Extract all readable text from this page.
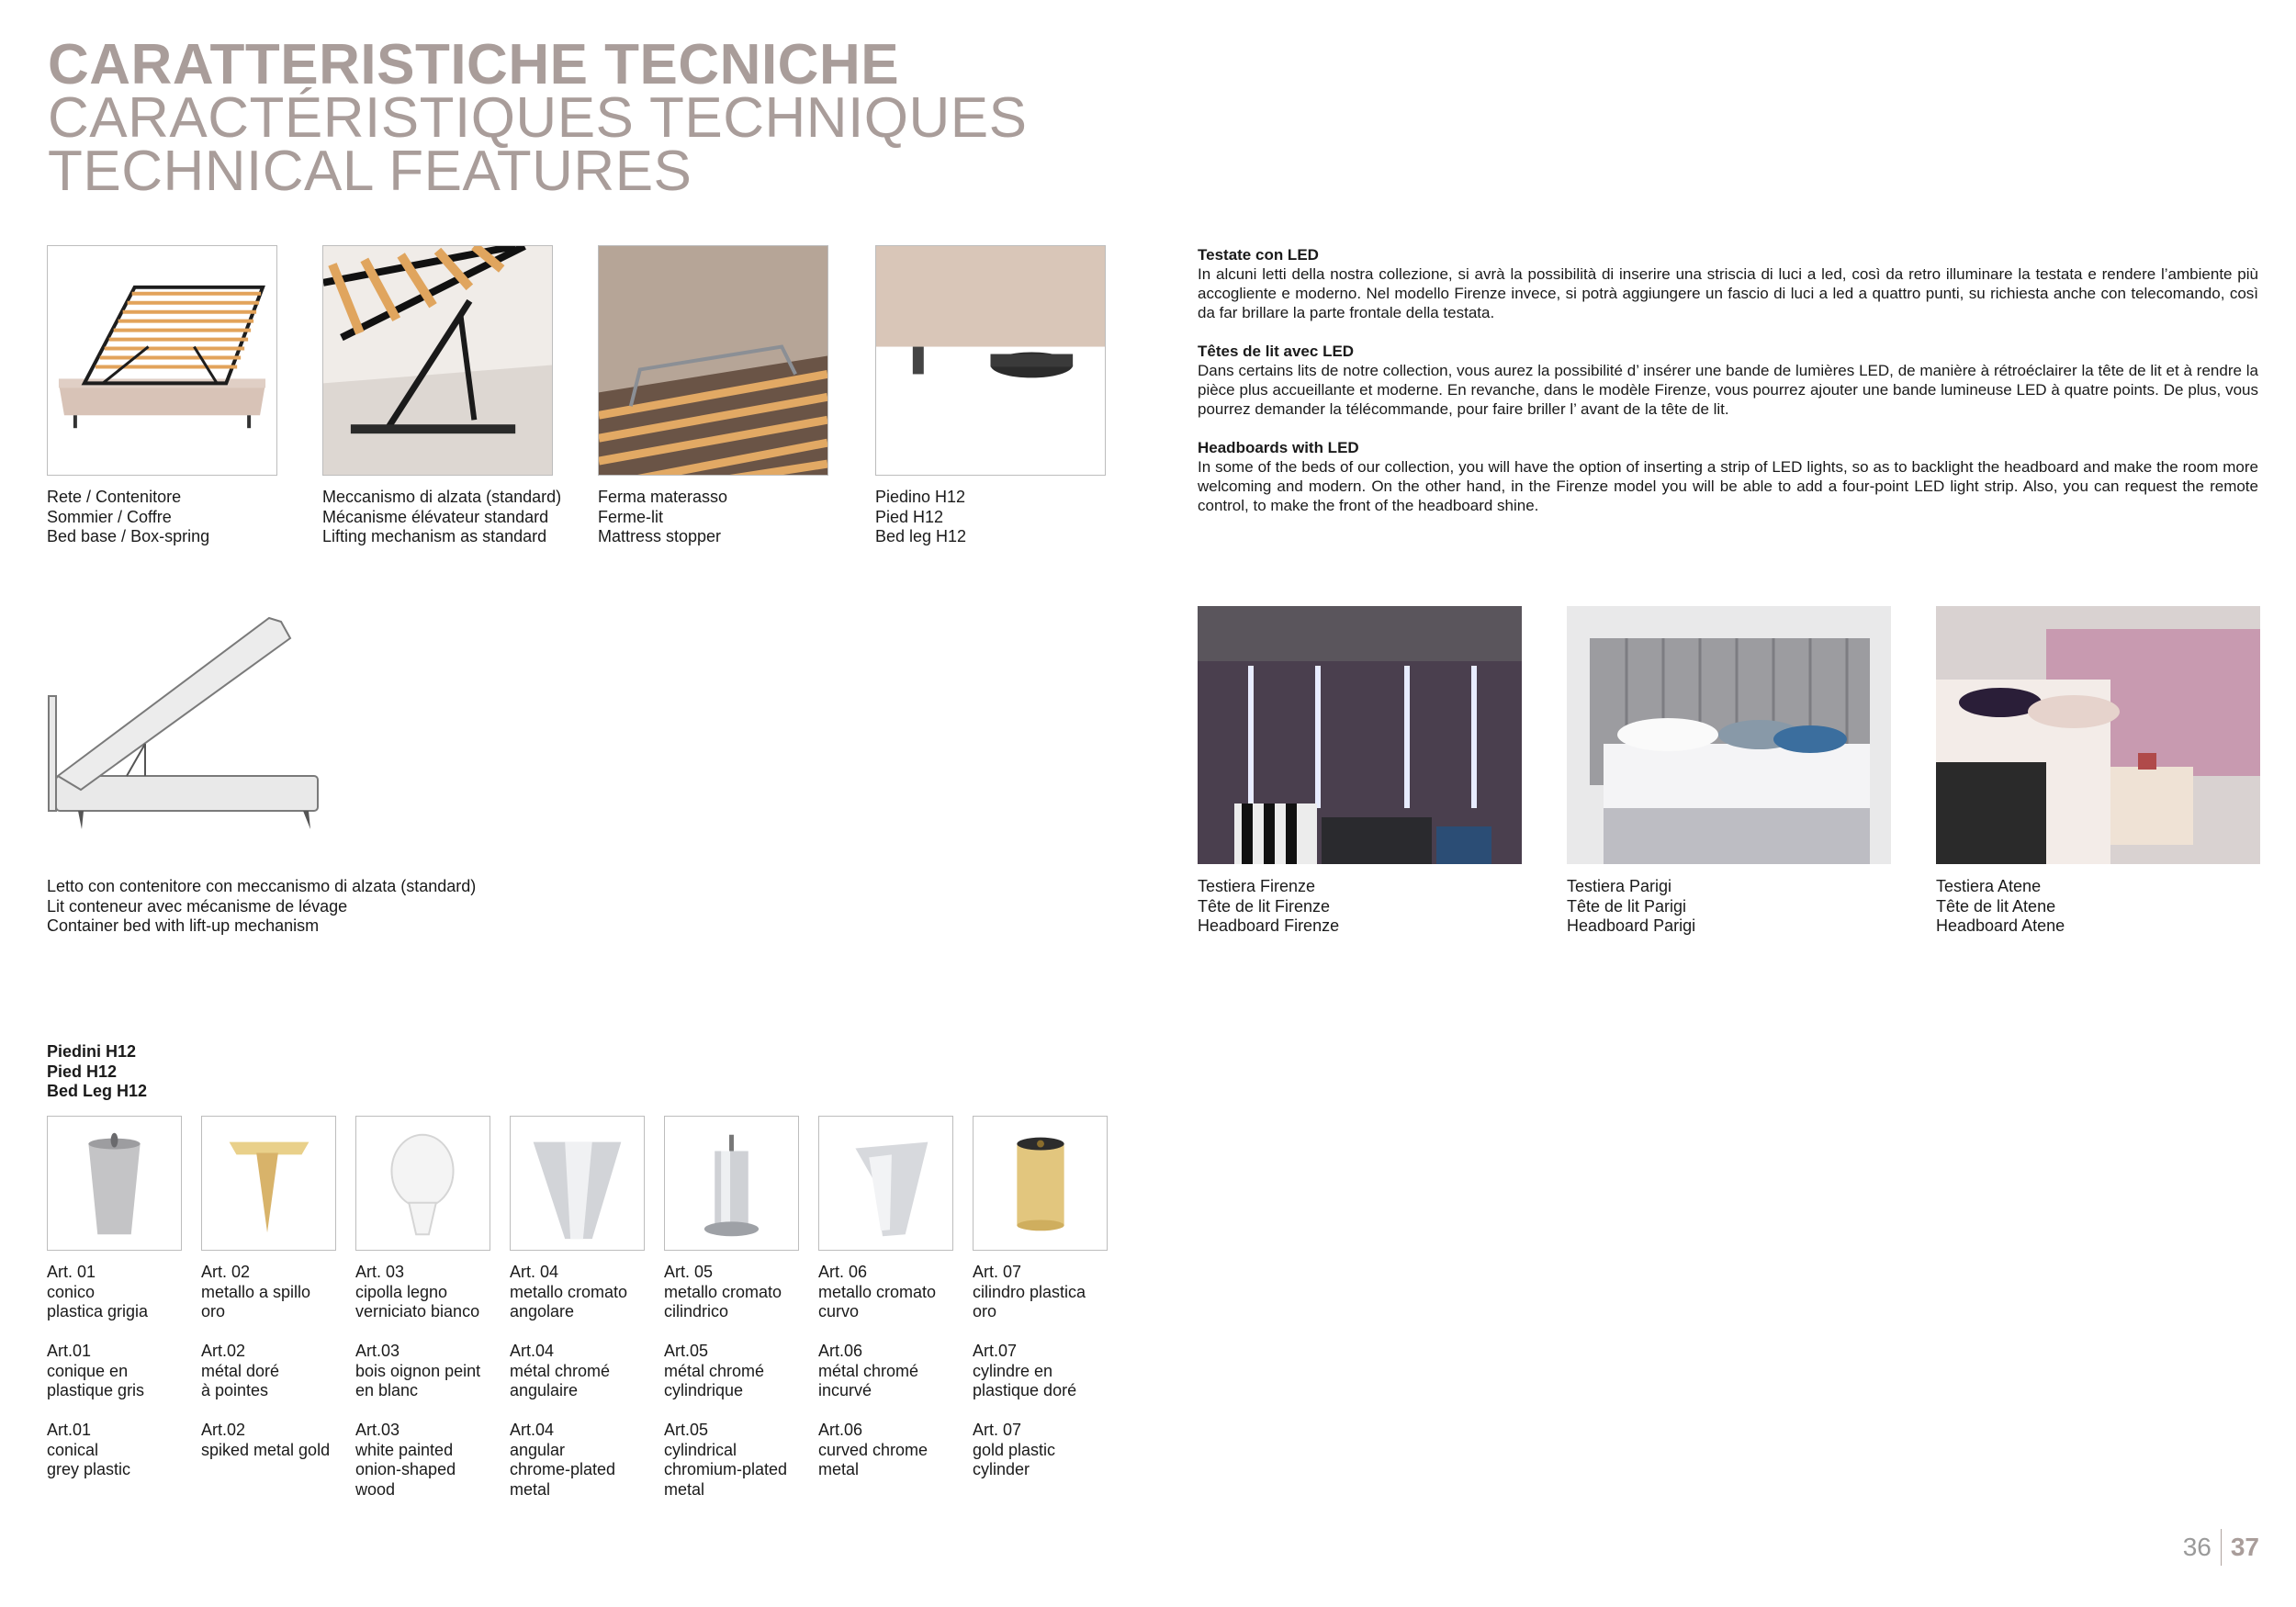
CARATTERISTICHE TECNICHE
CARACTÉRISTIQUES TECHNIQUES
TECHNICAL FEATURES
Rete / Contenitore
Sommier / Coffre
Bed base / Box-spring
Meccanismo di alzata (standard)
Mécanisme élévateur standard
Lifting mechanism as standard
Ferma materasso
Ferme-lit
Mattress stopper
Piedino H12
Pied H12
Bed leg H12
Letto con contenitore con meccanismo di alzata (standard)
Lit conteneur avec mécanisme de lévage
Container bed with lift-up mechanism
Testate con LED

In alcuni letti della nostra collezione, si avrà la possibilità di inserire una striscia di luci a led, così da retro illuminare la testata e rendere l’ambiente più accogliente e moderno. Nel modello Firenze invece, si potrà aggiungere un fascio di luci a led a quattro punti, su richiesta anche con telecomando, così da far brillare la parte frontale della testata.

Têtes de lit avec LED

Dans certains lits de notre collection, vous aurez la possibilité d’ insérer une bande de lumières LED, de manière à rétroéclairer la tête de lit et à rendre la pièce plus accueillante et moderne. En revanche, dans le modèle Firenze, vous pourrez ajouter une bande lumineuse LED à quatre points. De plus, vous pourrez demander la télécommande, pour faire briller l’ avant de la tête de lit.

Headboards with LED

In some of the beds of our collection, you will have the option of inserting a strip of LED lights, so as to backlight the headboard and make the room more welcoming and modern. On the other hand, in the Firenze model you will be able to add a four-point LED light strip. Also, you can request the remote control, to make the front of the headboard shine.

Testiera Firenze
Tête de lit Firenze
Headboard Firenze
Testiera Parigi
Tête de lit Parigi
Headboard Parigi
Testiera Atene
Tête de lit Atene
Headboard Atene
Piedini H12
Pied H12
Bed Leg H12
Art. 01
conico
plastica grigia
Art.01
conique en
plastique gris
Art.01
conical
grey plastic
Art. 02
metallo a spillo
oro
Art.02
métal doré
à pointes
Art.02
spiked metal gold
Art. 03
cipolla legno
verniciato bianco
Art.03
bois oignon peint
en blanc
Art.03
white painted
onion-shaped
wood
Art. 04
metallo cromato
angolare
Art.04
métal chromé
angulaire
Art.04
angular
chrome-plated
metal
Art. 05
metallo cromato
cilindrico
Art.05
métal chromé
cylindrique
Art.05
cylindrical
chromium-plated
metal
Art. 06
metallo cromato
curvo
Art.06
métal chromé
incurvé
Art.06
curved chrome
metal
Art. 07
cilindro plastica
oro
Art.07
cylindre en
plastique doré
Art. 07
gold plastic
cylinder
36 37
